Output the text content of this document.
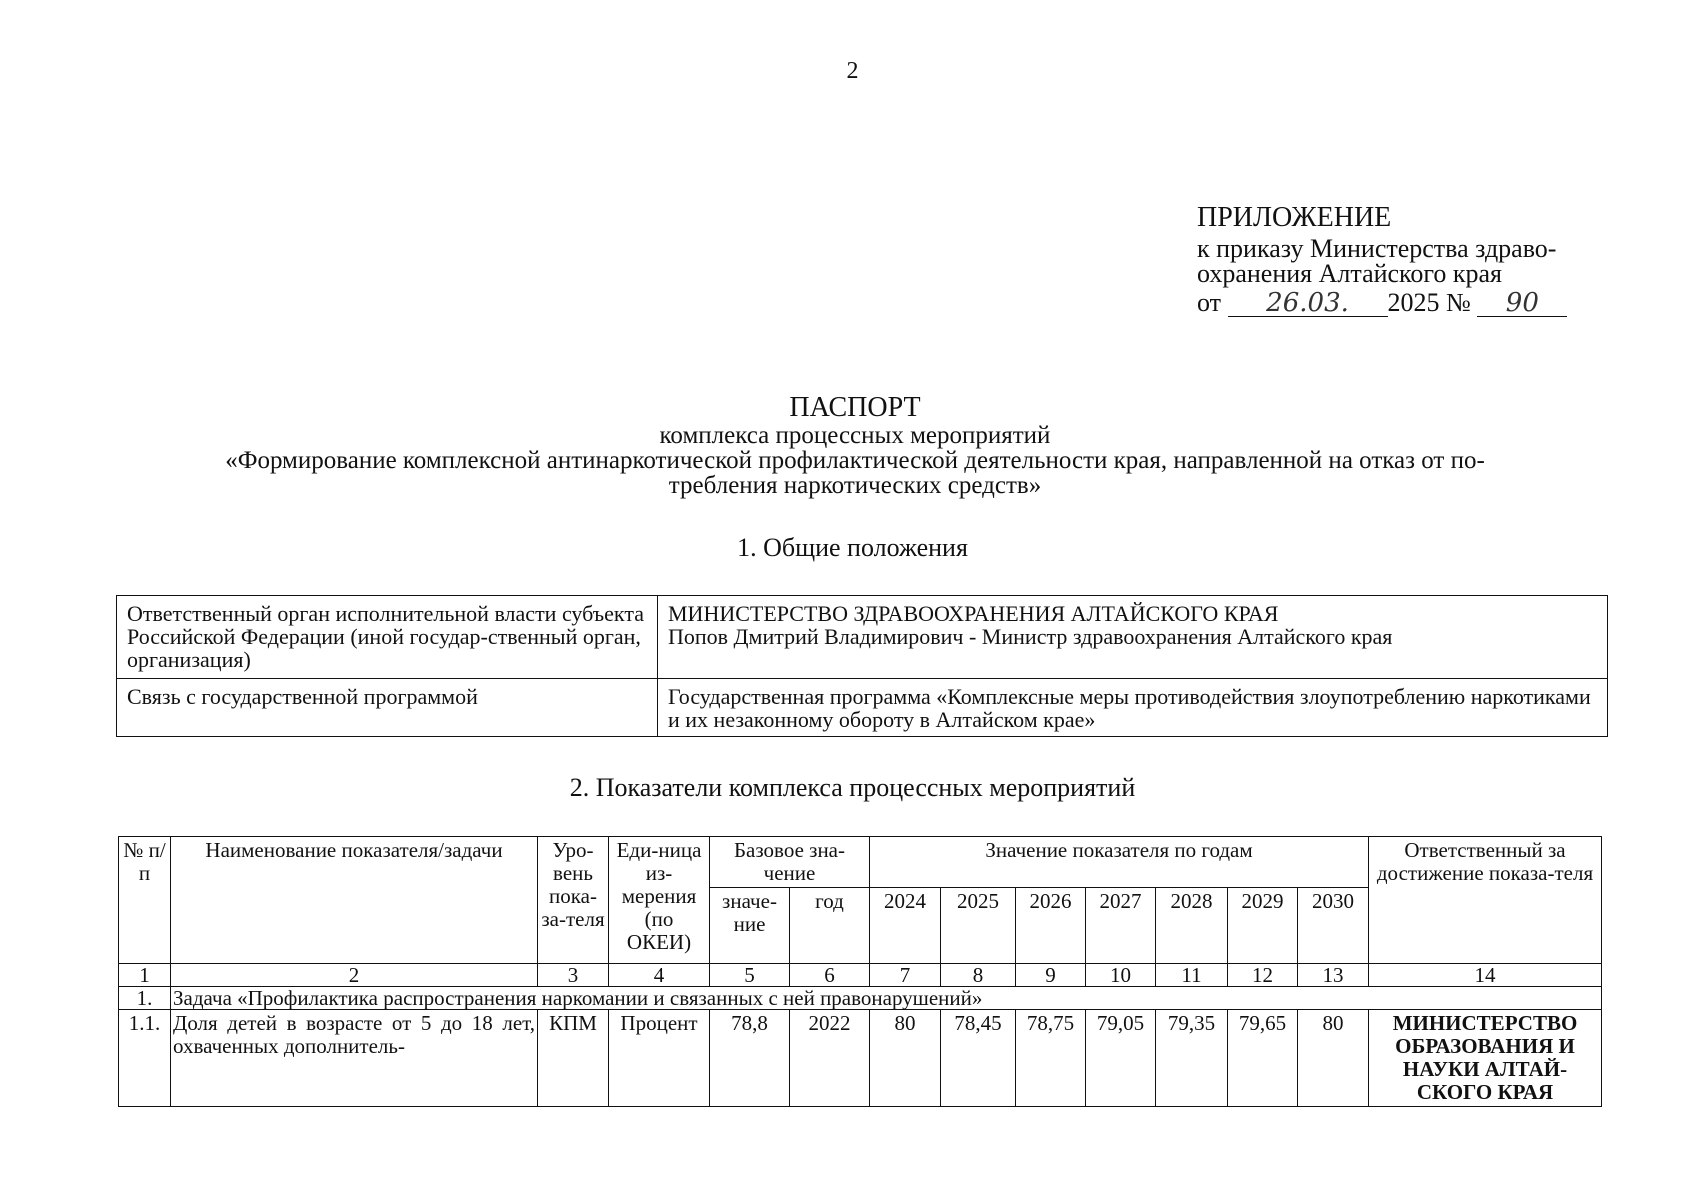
2
ПРИЛОЖЕНИЕ
к приказу Министерства здраво-
охранения Алтайского края
от 26.03. 2025 № 90
ПАСПОРТ
комплекса процессных мероприятий
«Формирование комплексной антинаркотической профилактической деятельности края, направленной на отказ от по-
требления наркотических средств»
1. Общие положения
Ответственный орган исполнительной власти субъекта Российской Федерации (иной государ-ственный орган, организация)	МИНИСТЕРСТВО ЗДРАВООХРАНЕНИЯ АЛТАЙСКОГО КРАЯ
Попов Дмитрий Владимирович - Министр здравоохранения Алтайского края

Связь с государственной программой	Государственная программа «Комплексные меры противодействия злоупотреблению наркотиками и их незаконному обороту в Алтайском крае»
2. Показатели комплекса процессных мероприятий
№ п/п	Наименование показателя/задачи	Уро-вень пока-за-теля	Еди-ница из-мерения (по ОКЕИ)	Базовое зна-чение		Значение показателя по годам							Ответственный за достижение показа-теля
				значе-ние	год	2024	2025	2026	2027	2028	2029	2030	
1	2	3	4	5	6	7	8	9	10	11	12	13	14
1.	Задача «Профилактика распространения наркомании и связанных с ней правонарушений»												
1.1.	Доля детей в возрасте от 5 до 18 лет, охваченных дополнитель-	КПМ	Процент	78,8	2022	80	78,45	78,75	79,05	79,35	79,65	80	МИНИСТЕРСТВО ОБРАЗОВАНИЯ И НАУКИ АЛТАЙ-СКОГО КРАЯ
